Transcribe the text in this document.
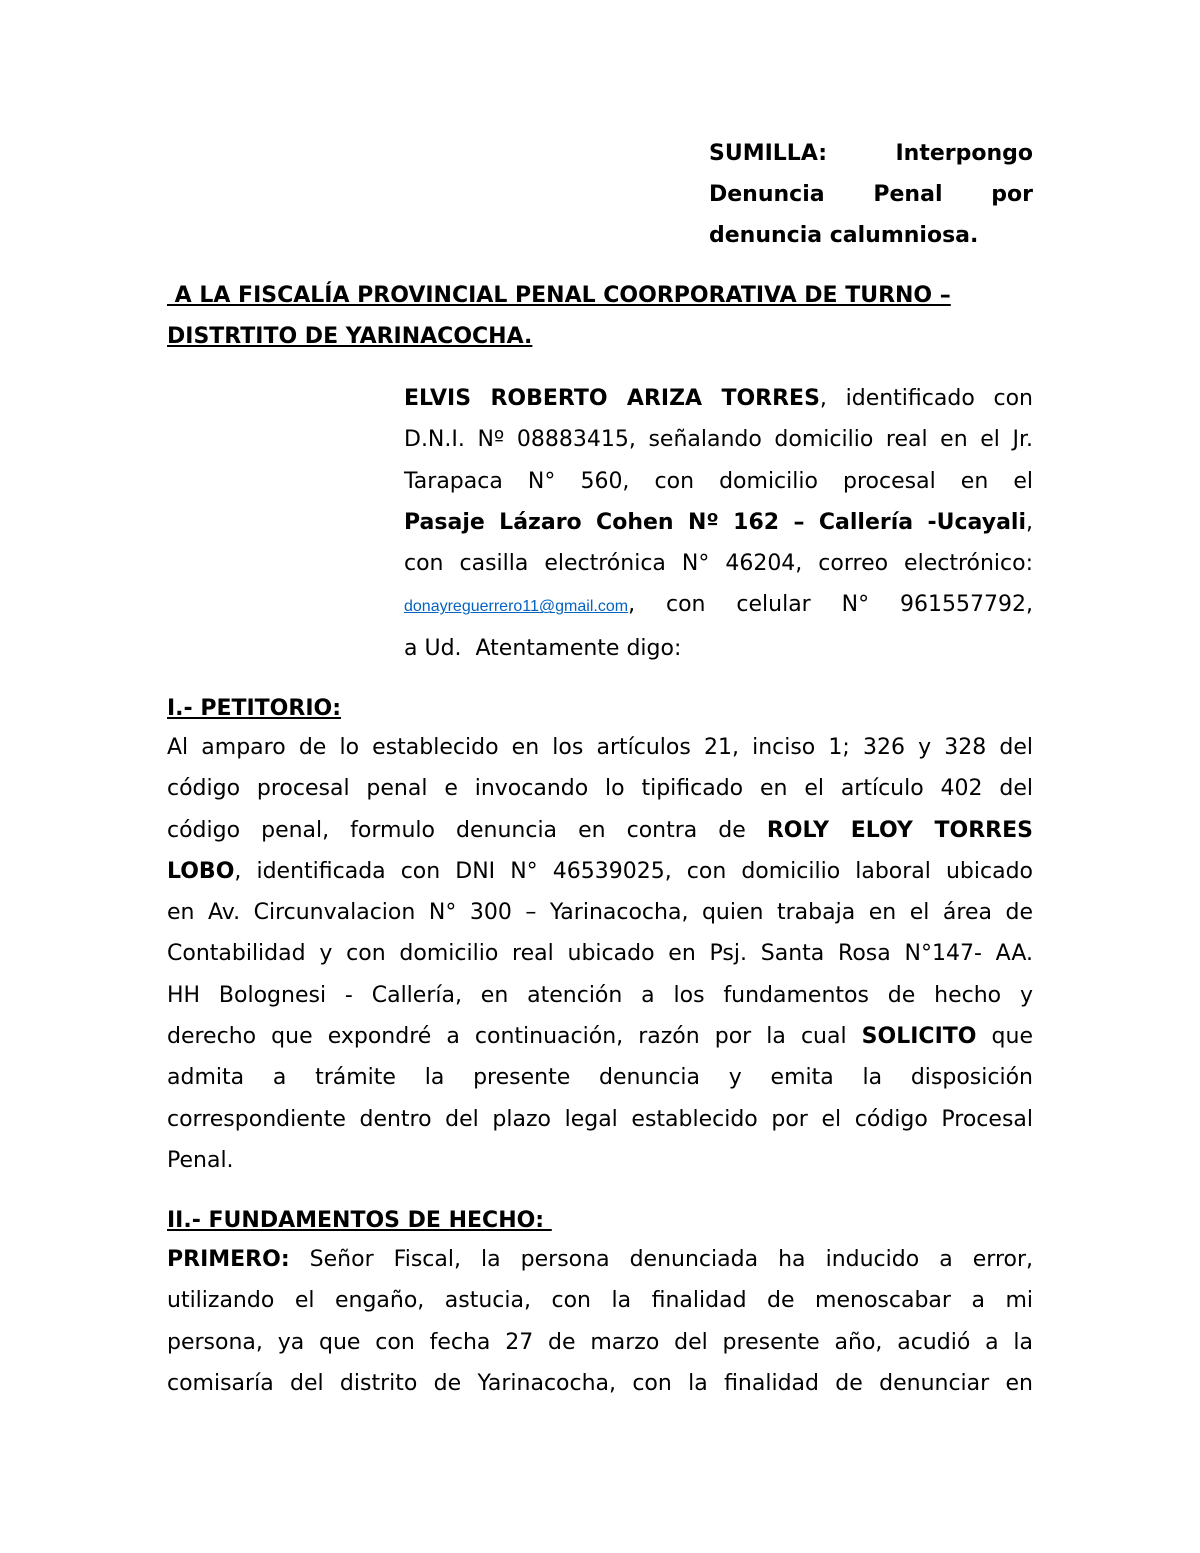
SUMILLA:	Interpongo
Denuncia Penal por
denuncia calumniosa.
A LA FISCALÍA PROVINCIAL PENAL COORPORATIVA DE TURNO –
DISTRTITO DE YARINACOCHA.
ELVIS ROBERTO ARIZA TORRES, identificado con
D.N.I. Nº 08883415, señalando domicilio real en el Jr.
Tarapaca N° 560, con domicilio procesal en el
Pasaje Lázaro Cohen Nº 162 – Callería -Ucayali,
con casilla electrónica N° 46204, correo electrónico:
donayreguerrero11@gmail.com, con celular N° 961557792,
a Ud.  Atentamente digo:
I.- PETITORIO:
Al amparo de lo establecido en los artículos 21, inciso 1; 326 y 328 del
código procesal penal e invocando lo tipificado en el artículo 402 del
código penal, formulo denuncia en contra de ROLY ELOY TORRES
LOBO, identificada con DNI N° 46539025, con domicilio laboral ubicado
en Av. Circunvalacion N° 300 – Yarinacocha, quien trabaja en el área de
Contabilidad y con domicilio real ubicado en Psj. Santa Rosa N°147- AA.
HH Bolognesi - Callería, en atención a los fundamentos de hecho y
derecho que expondré a continuación, razón por la cual SOLICITO que
admita a trámite la presente denuncia y emita la disposición
correspondiente dentro del plazo legal establecido por el código Procesal
Penal.
II.- FUNDAMENTOS DE HECHO:
PRIMERO: Señor Fiscal, la persona denunciada ha inducido a error,
utilizando el engaño, astucia, con la finalidad de menoscabar a mi
persona, ya que con fecha 27 de marzo del presente año, acudió a la
comisaría del distrito de Yarinacocha, con la finalidad de denunciar en
